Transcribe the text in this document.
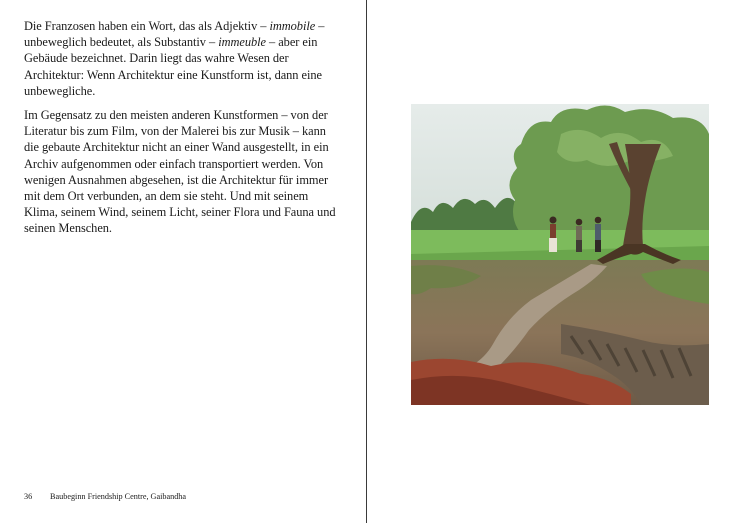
Die Franzosen haben ein Wort, das als Adjektiv – immobile – unbeweglich bedeutet, als Substantiv – immeuble – aber ein Gebäude bezeichnet. Darin liegt das wahre Wesen der Architektur: Wenn Architektur eine Kunstform ist, dann eine unbewegliche.

Im Gegensatz zu den meisten anderen Kunstformen – von der Literatur bis zum Film, von der Malerei bis zur Musik – kann die gebaute Architektur nicht an einer Wand ausgestellt, in ein Archiv aufgenommen oder einfach transportiert werden. Von wenigen Ausnahmen abgesehen, ist die Architektur für immer mit dem Ort verbunden, an dem sie steht. Und mit seinem Klima, seinem Wind, seinem Licht, seiner Flora und Fauna und seinen Menschen.

36 Baubeginn Friendship Centre, Gaibandha
